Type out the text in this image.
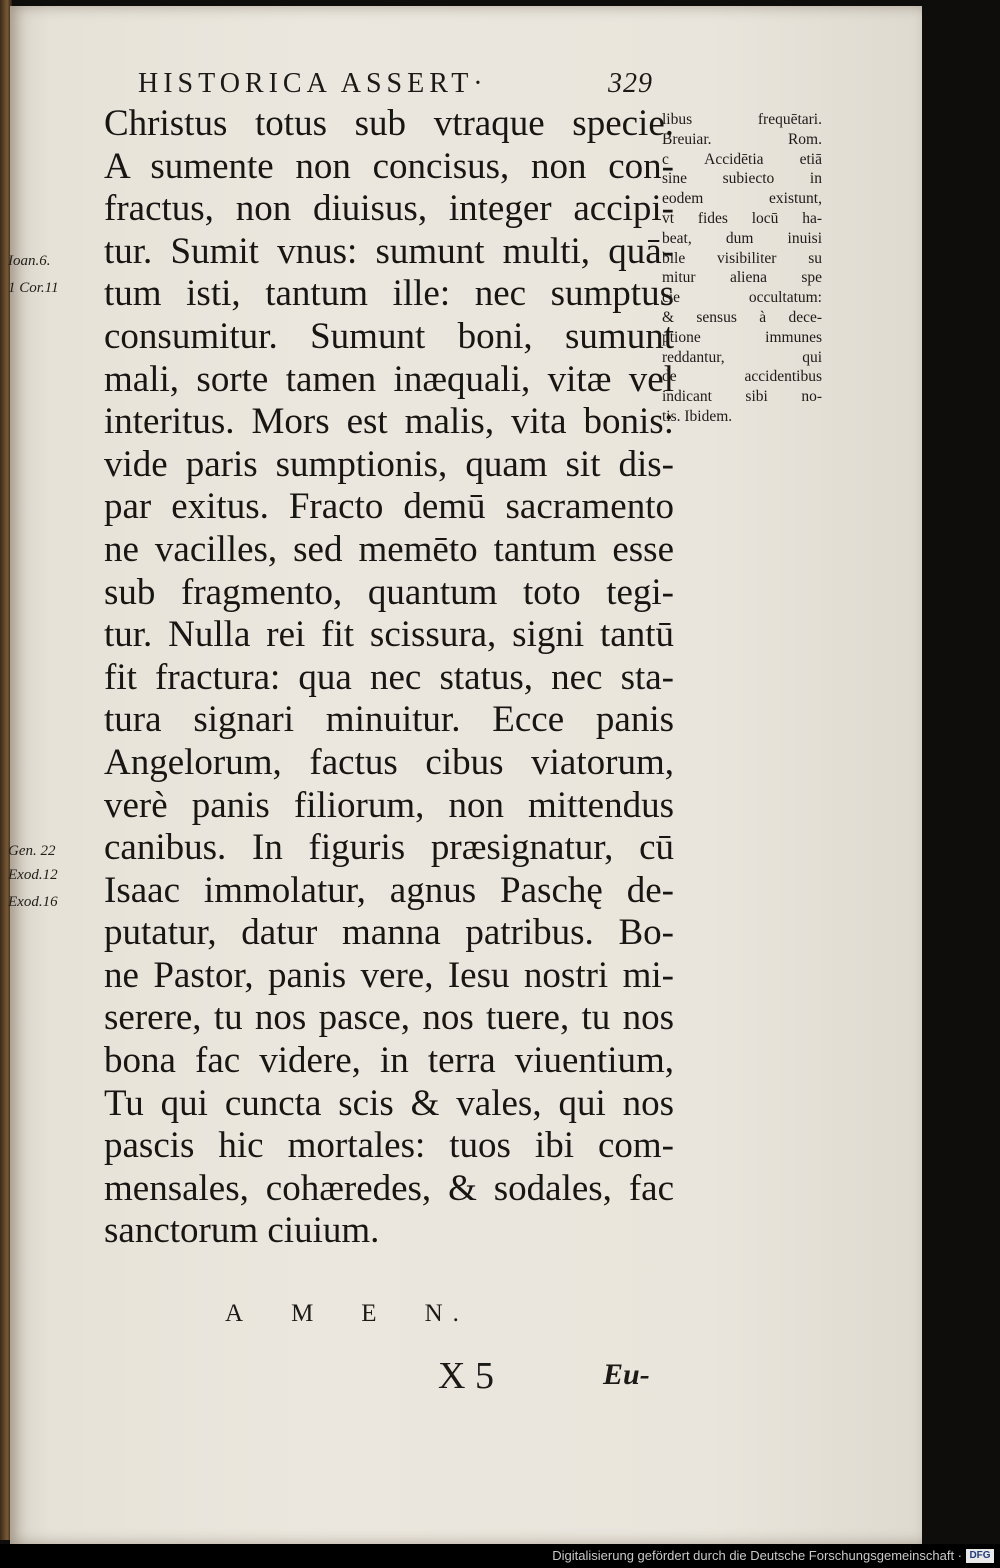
HISTORICA ASSERT·	329
Christus totus sub vtraque specie.
A sumente non concisus, non con-
fractus, non diuisus, integer accipi-
tur. Sumit vnus: sumunt multi, quā-
tum isti, tantum ille: nec sumptus
consumitur. Sumunt boni, sumunt
mali, sorte tamen inæquali, vitæ vel
interitus. Mors est malis, vita bonis:
vide paris sumptionis, quam sit dis-
par exitus. Fracto demū sacramento
ne vacilles, sed memēto tantum esse
sub fragmento, quantum toto tegi-
tur. Nulla rei fit scissura, signi tantū
fit fractura: qua nec status, nec sta-
tura signari minuitur. Ecce panis
Angelorum, factus cibus viatorum,
verè panis filiorum, non mittendus
canibus. In figuris præsignatur, cū
Isaac immolatur, agnus Paschę de-
putatur, datur manna patribus. Bo-
ne Pastor, panis vere, Iesu nostri mi-
serere, tu nos pasce, nos tuere, tu nos
bona fac videre, in terra viuentium,
Tu qui cuncta scis & vales, qui nos
pascis hic mortales: tuos ibi com-
mensales, cohæredes, & sodales, fac
sanctorum ciuium.
Ioan.6.
1 Cor.11
Gen. 22
Exod.12
Exod.16
libus frequētari.
Breuiar. Rom.
c Accidētia etiā
sine subiecto in
eodem existunt,
vt fides locū ha-
beat, dum inuisi
bile visibiliter su
mitur aliena spe
cie occultatum:
& sensus à dece-
ptione immunes
reddantur, qui
de accidentibus
indicant sibi no-
tis. Ibidem.
A M E N.
X 5	Eu-
Digitalisierung gefördert durch die Deutsche Forschungsgemeinschaft · DFG
